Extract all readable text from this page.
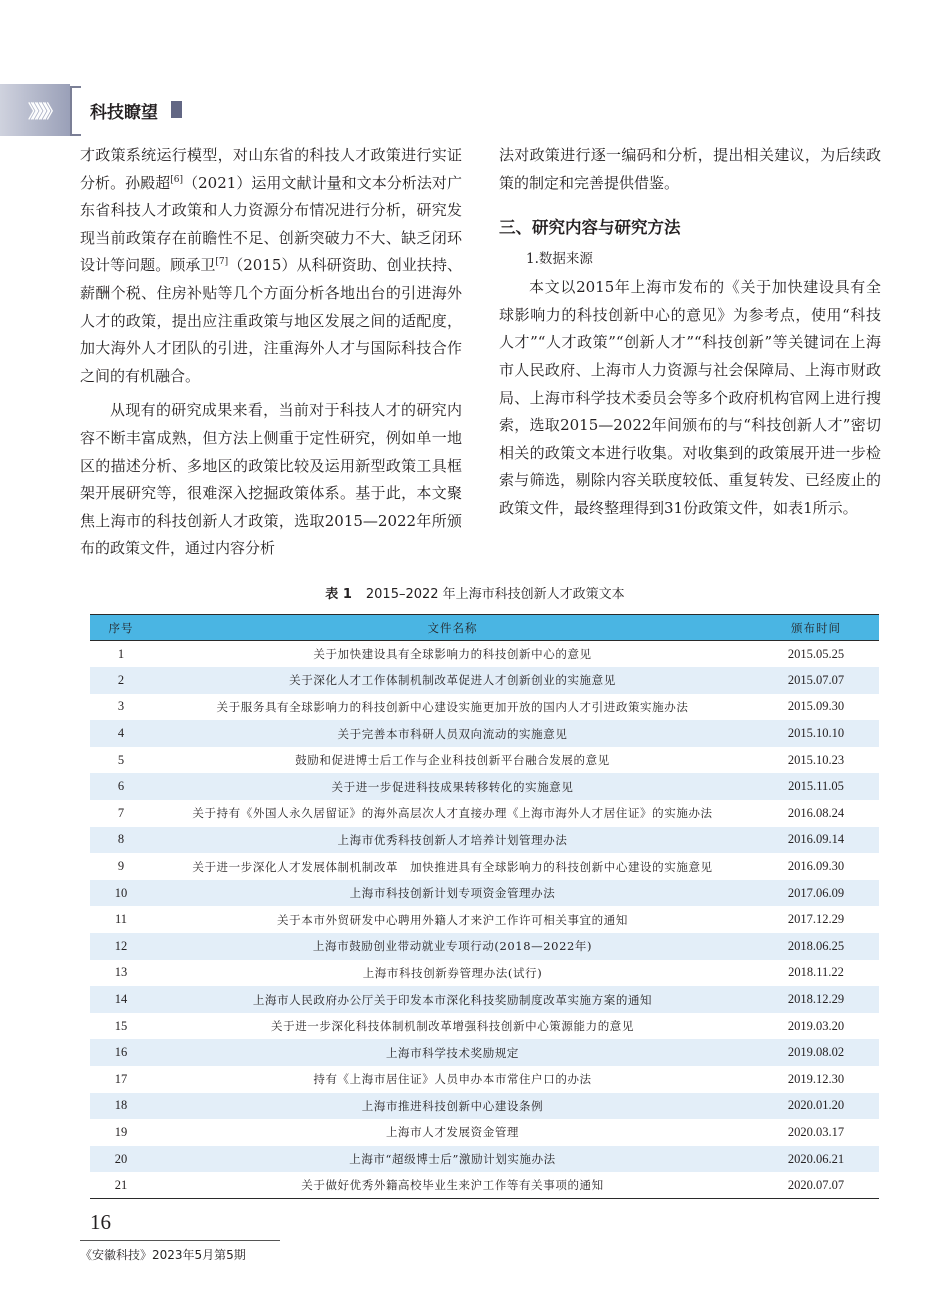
》》》》》 科技瞭望

才政策系统运行模型，对山东省的科技人才政策进行实证分析。孙殿超[6]（2021）运用文献计量和文本分析法对广东省科技人才政策和人力资源分布情况进行分析，研究发现当前政策存在前瞻性不足、创新突破力不大、缺乏闭环设计等问题。顾承卫[7]（2015）从科研资助、创业扶持、薪酬个税、住房补贴等几个方面分析各地出台的引进海外人才的政策，提出应注重政策与地区发展之间的适配度，加大海外人才团队的引进，注重海外人才与国际科技合作之间的有机融合。

从现有的研究成果来看，当前对于科技人才的研究内容不断丰富成熟，但方法上侧重于定性研究，例如单一地区的描述分析、多地区的政策比较及运用新型政策工具框架开展研究等，很难深入挖掘政策体系。基于此，本文聚焦上海市的科技创新人才政策，选取2015—2022年所颁布的政策文件，通过内容分析

法对政策进行逐一编码和分析，提出相关建议，为后续政策的制定和完善提供借鉴。

三、研究内容与研究方法

1.数据来源

本文以2015年上海市发布的《关于加快建设具有全球影响力的科技创新中心的意见》为参考点，使用“科技人才”“人才政策”“创新人才”“科技创新”等关键词在上海市人民政府、上海市人力资源与社会保障局、上海市财政局、上海市科学技术委员会等多个政府机构官网上进行搜索，选取2015—2022年间颁布的与“科技创新人才”密切相关的政策文本进行收集。对收集到的政策展开进一步检索与筛选，剔除内容关联度较低、重复转发、已经废止的政策文件，最终整理得到31份政策文件，如表1所示。

表 1 2015–2022 年上海市科技创新人才政策文本
序号	文件名称	颁布时间
1	关于加快建设具有全球影响力的科技创新中心的意见	2015.05.25
2	关于深化人才工作体制机制改革促进人才创新创业的实施意见	2015.07.07
3	关于服务具有全球影响力的科技创新中心建设实施更加开放的国内人才引进政策实施办法	2015.09.30
4	关于完善本市科研人员双向流动的实施意见	2015.10.10
5	鼓励和促进博士后工作与企业科技创新平台融合发展的意见	2015.10.23
6	关于进一步促进科技成果转移转化的实施意见	2015.11.05
7	关于持有《外国人永久居留证》的海外高层次人才直接办理《上海市海外人才居住证》的实施办法	2016.08.24
8	上海市优秀科技创新人才培养计划管理办法	2016.09.14
9	关于进一步深化人才发展体制机制改革　加快推进具有全球影响力的科技创新中心建设的实施意见	2016.09.30
10	上海市科技创新计划专项资金管理办法	2017.06.09
11	关于本市外贸研发中心聘用外籍人才来沪工作许可相关事宜的通知	2017.12.29
12	上海市鼓励创业带动就业专项行动(2018—2022年)	2018.06.25
13	上海市科技创新券管理办法(试行)	2018.11.22
14	上海市人民政府办公厅关于印发本市深化科技奖励制度改革实施方案的通知	2018.12.29
15	关于进一步深化科技体制机制改革增强科技创新中心策源能力的意见	2019.03.20
16	上海市科学技术奖励规定	2019.08.02
17	持有《上海市居住证》人员申办本市常住户口的办法	2019.12.30
18	上海市推进科技创新中心建设条例	2020.01.20
19	上海市人才发展资金管理	2020.03.17
20	上海市“超级博士后”激励计划实施办法	2020.06.21
21	关于做好优秀外籍高校毕业生来沪工作等有关事项的通知	2020.07.07
16
《安徽科技》2023年5月第5期
